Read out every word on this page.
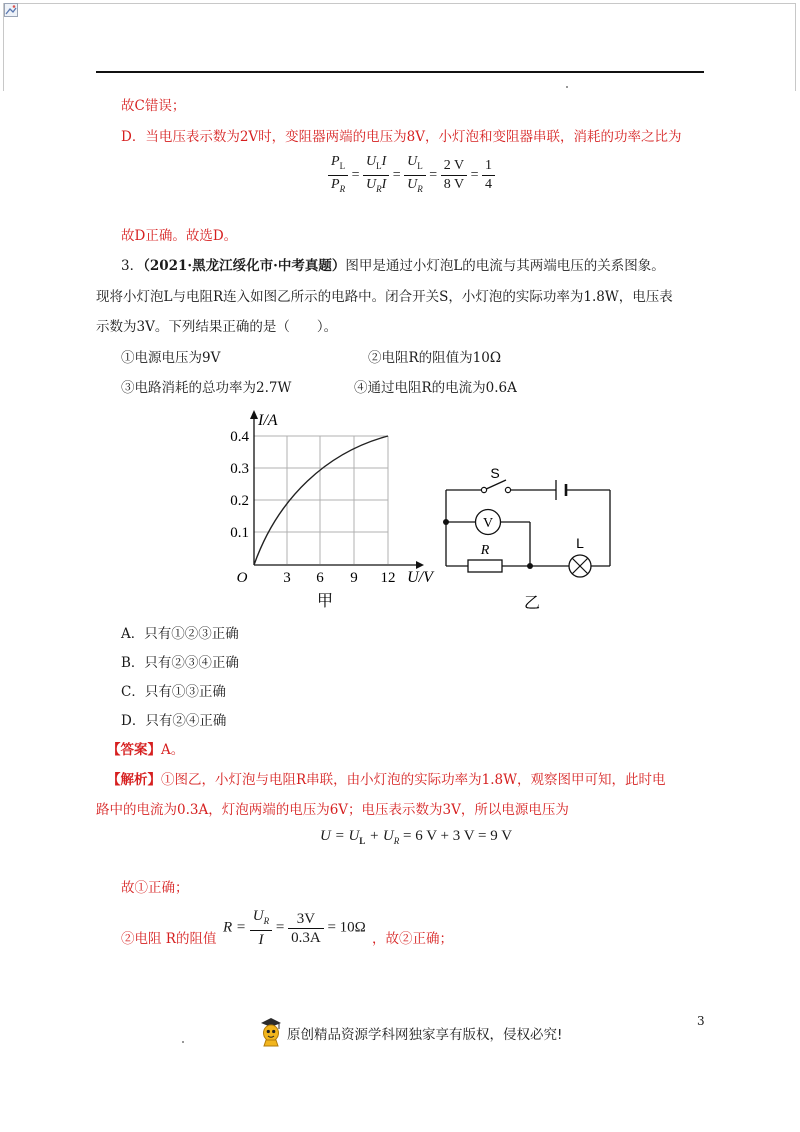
故C错误；
D．当电压表示数为2V时，变阻器两端的电压为8V，小灯泡和变阻器串联，消耗的功率之比为
$\frac{P_L}{P_R} = \frac{U_LI}{U_RI} = \frac{U_L}{U_R} = \frac{2 V}{8 V} = \frac{1}{4}$
故D正确。故选D。
3．（2021·黑龙江绥化市·中考真题）图甲是通过小灯泡L的电流与其两端电压的关系图象。
现将小灯泡L与电阻R连入如图乙所示的电路中。闭合开关S，小灯泡的实际功率为1.8W，电压表
示数为3V。下列结果正确的是（　　）。
①电源电压为9V	②电阻R的阻值为10Ω
③电路消耗的总功率为2.7W	④通过电阻R的电流为0.6A
I/A
0.4
0.3
0.2
0.1
O 3 6 9 12 U/V
甲
S
V
R	L
乙
A．只有①②③正确
B．只有②③④正确
C．只有①③正确
D．只有②④正确
【答案】A。
【解析】①图乙，小灯泡与电阻R串联，由小灯泡的实际功率为1.8W，观察图甲可知，此时电
路中的电流为0.3A，灯泡两端的电压为6V；电压表示数为3V，所以电源电压为
$U = U_L + U_R = 6$ V + 3 V = 9 V
故①正确；
②电阻 R的阻值
$R = \frac{U_R}{I} = \frac{3V}{0.3A} = 10\Omega$
，故②正确；
3
原创精品资源学科网独家享有版权，侵权必究!
